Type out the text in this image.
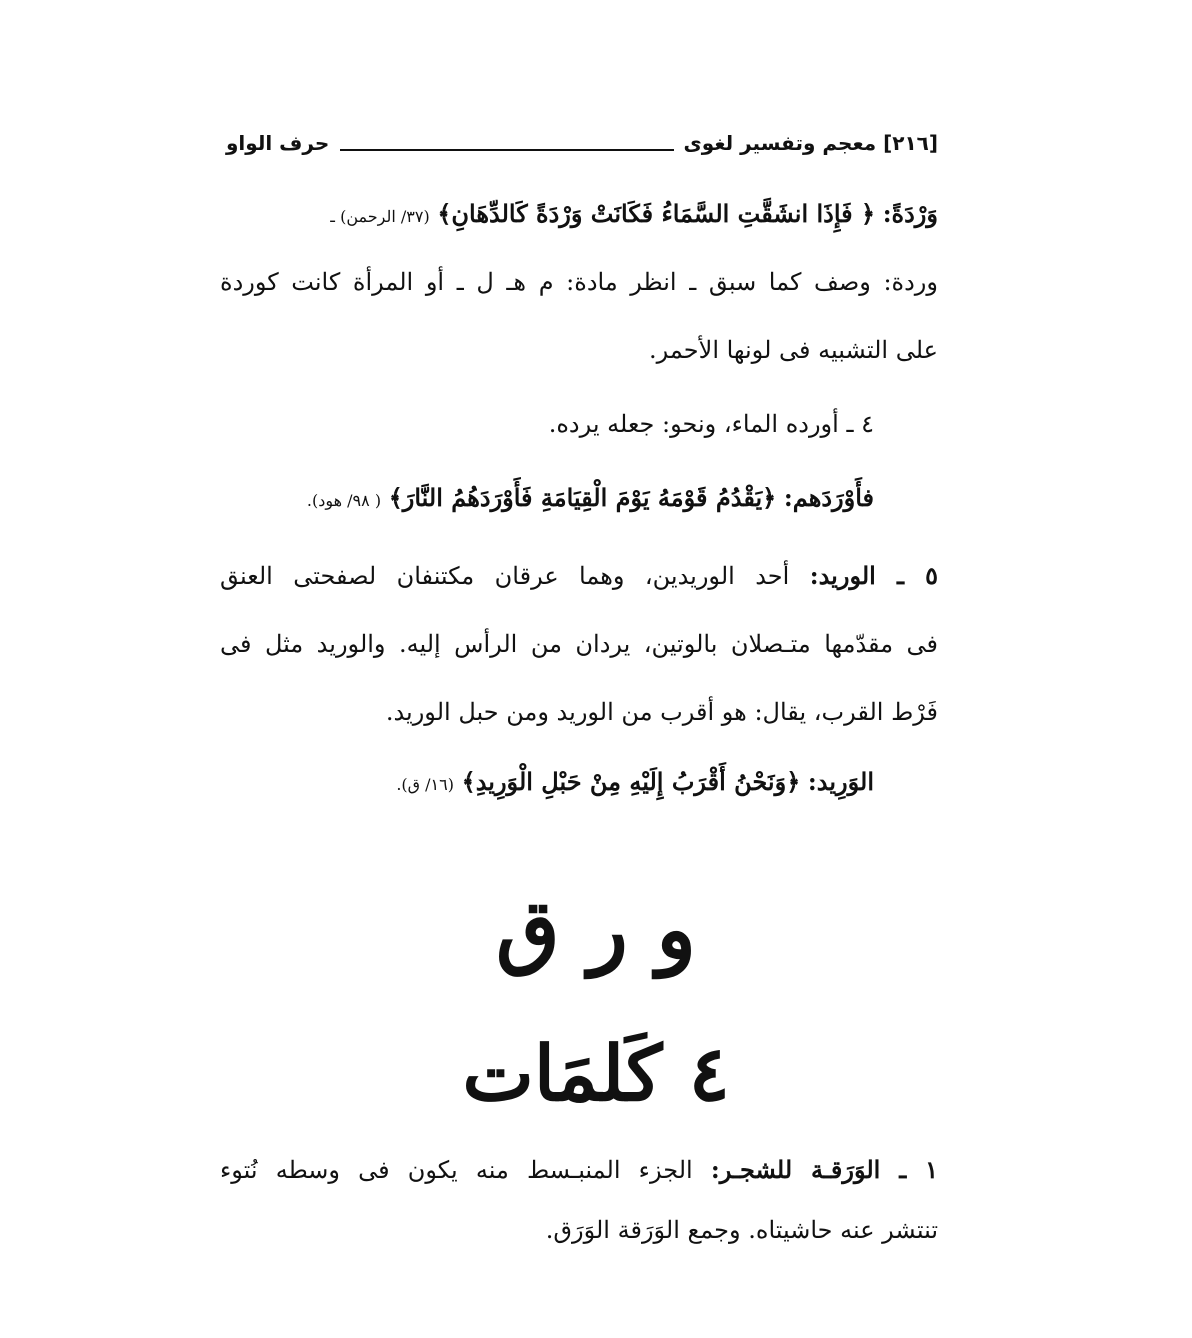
[٢١٦] معجم وتفسير لغوى
حرف الواو
وَرْدَةً: ﴿ فَإِذَا انشَقَّتِ السَّمَاءُ فَكَانَتْ وَرْدَةً كَالدِّهَانِ﴾ (٣٧/ الرحمن) ـ
وردة: وصف كما سبق ـ انظر مادة: م هـ ل ـ أو المرأة كانت كوردة
على التشبيه فى لونها الأحمر.
٤ ـ أورده الماء، ونحو: جعله يرده.
فأَوْرَدَهم: ﴿يَقْدُمُ قَوْمَهُ يَوْمَ الْقِيَامَةِ فَأَوْرَدَهُمُ النَّارَ﴾ ( ٩٨/ هود).
٥ ـ الوريد: أحد الوريدين، وهما عرقان مكتنفان لصفحتى العنق
فى مقدّمها متـصلان بالوتين، يردان من الرأس إليه. والوريد مثل فى
فَرْط القرب، يقال: هو أقرب من الوريد ومن حبل الوريد.
الوَرِيد: ﴿وَنَحْنُ أَقْرَبُ إِلَيْهِ مِنْ حَبْلِ الْوَرِيدِ﴾ (١٦/ ق).
و ر ق
٤ كَلمَات
١ ـ الوَرَقـة للشجـر: الجزء المنبـسط منه يكون فى وسطه نُتوء
تنتشر عنه حاشيتاه. وجمع الوَرَقة الوَرَق.
